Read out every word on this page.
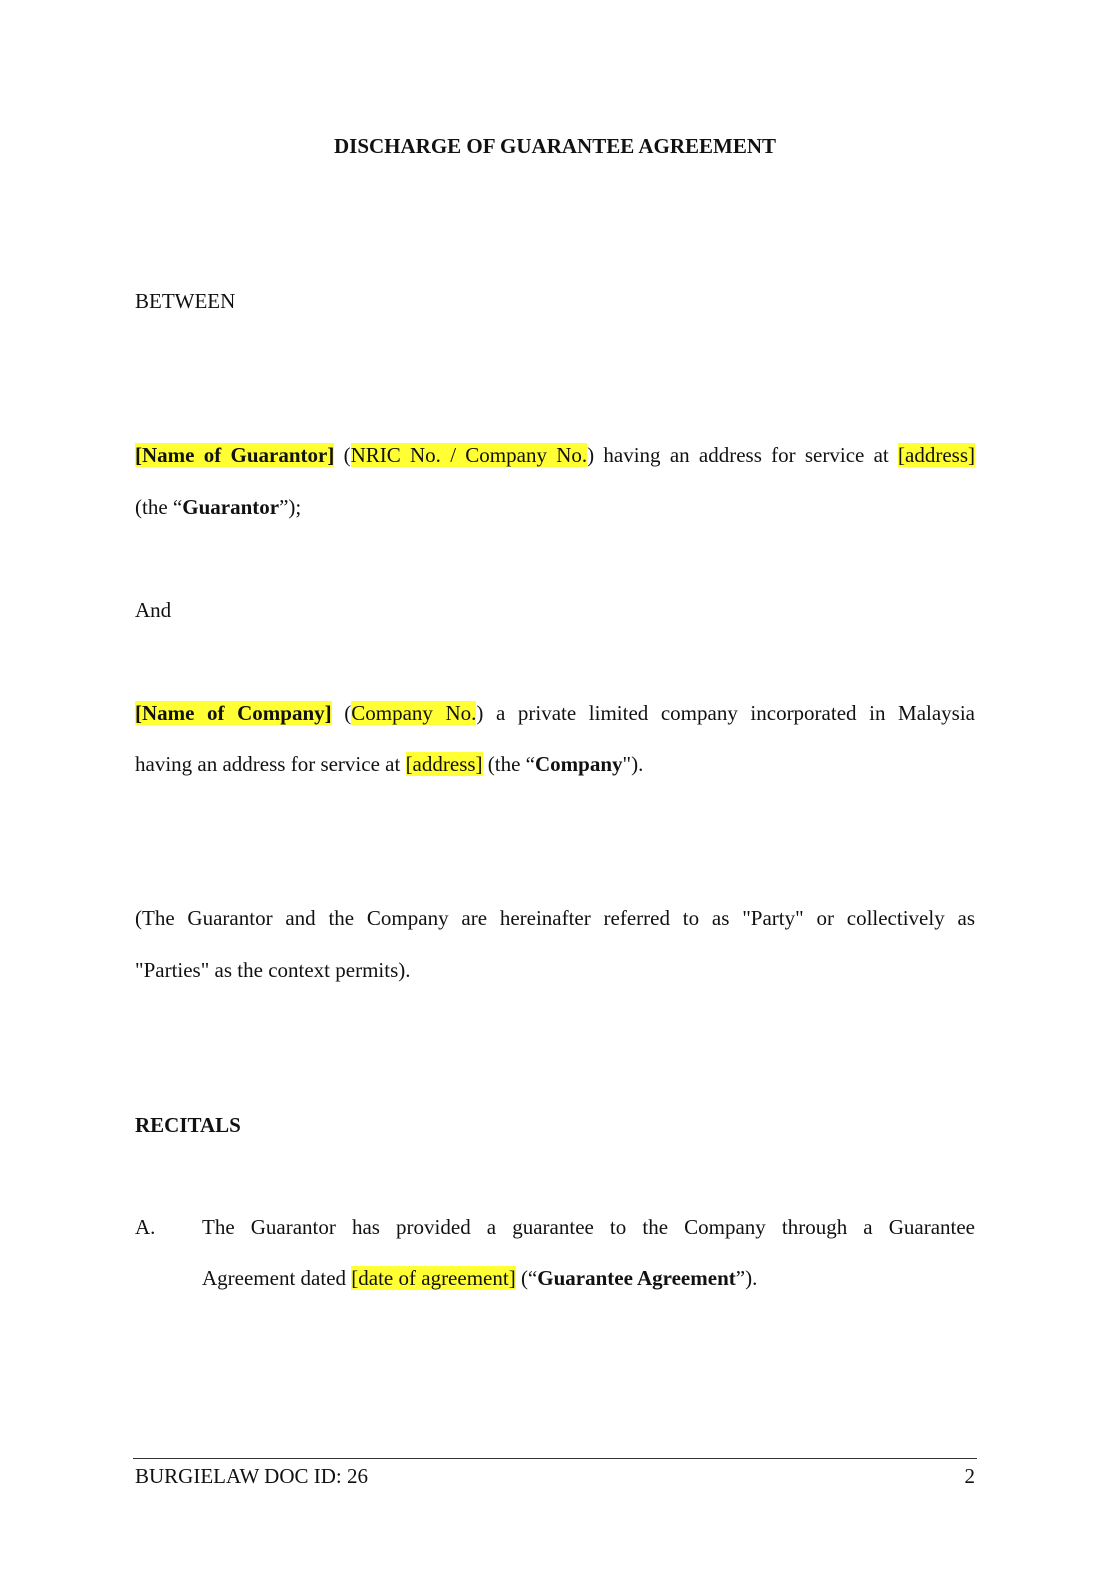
DISCHARGE OF GUARANTEE AGREEMENT
BETWEEN
[Name of Guarantor] (NRIC No. / Company No.) having an address for service at [address]
(the “Guarantor”);
And
[Name of Company] (Company No.) a private limited company incorporated in Malaysia
having an address for service at [address] (the “Company").
(The Guarantor and the Company are hereinafter referred to as "Party" or collectively as
"Parties" as the context permits).
RECITALS
A.	The Guarantor has provided a guarantee to the Company through a Guarantee
Agreement dated [date of agreement] (“Guarantee Agreement”).
BURGIELAW DOC ID: 26	2
